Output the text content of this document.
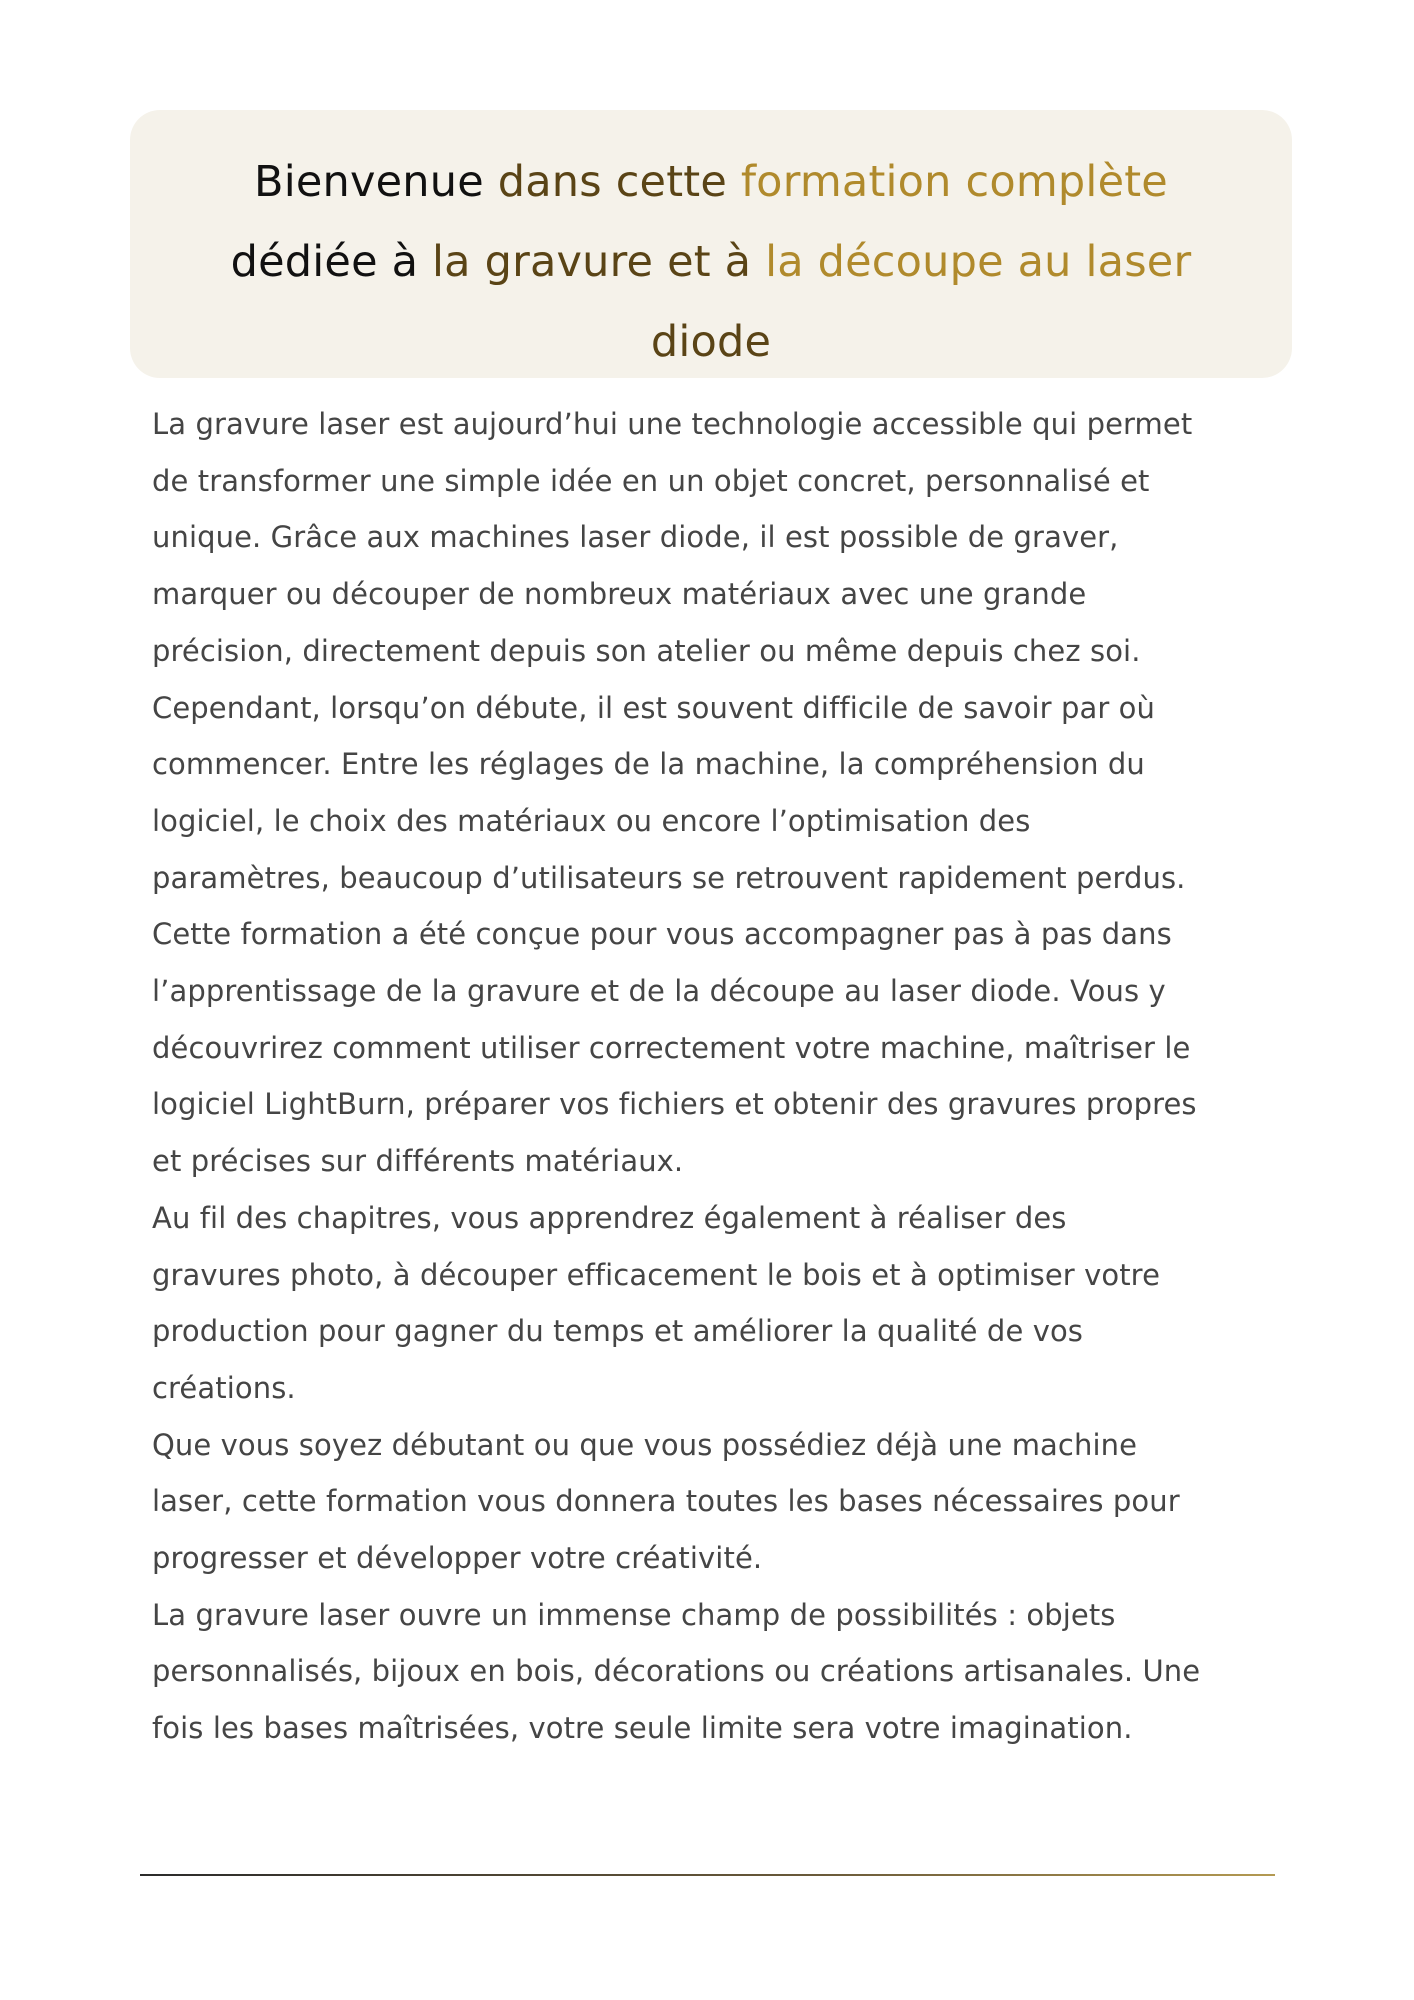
Bienvenue dans cette formation complète
dédiée à la gravure et à la découpe au laser
diode
La gravure laser est aujourd’hui une technologie accessible qui permet
de transformer une simple idée en un objet concret, personnalisé et
unique. Grâce aux machines laser diode, il est possible de graver,
marquer ou découper de nombreux matériaux avec une grande
précision, directement depuis son atelier ou même depuis chez soi.
Cependant, lorsqu’on débute, il est souvent difficile de savoir par où
commencer. Entre les réglages de la machine, la compréhension du
logiciel, le choix des matériaux ou encore l’optimisation des
paramètres, beaucoup d’utilisateurs se retrouvent rapidement perdus.
Cette formation a été conçue pour vous accompagner pas à pas dans
l’apprentissage de la gravure et de la découpe au laser diode. Vous y
découvrirez comment utiliser correctement votre machine, maîtriser le
logiciel LightBurn, préparer vos fichiers et obtenir des gravures propres
et précises sur différents matériaux.
Au fil des chapitres, vous apprendrez également à réaliser des
gravures photo, à découper efficacement le bois et à optimiser votre
production pour gagner du temps et améliorer la qualité de vos
créations.
Que vous soyez débutant ou que vous possédiez déjà une machine
laser, cette formation vous donnera toutes les bases nécessaires pour
progresser et développer votre créativité.
La gravure laser ouvre un immense champ de possibilités : objets
personnalisés, bijoux en bois, décorations ou créations artisanales. Une
fois les bases maîtrisées, votre seule limite sera votre imagination.
